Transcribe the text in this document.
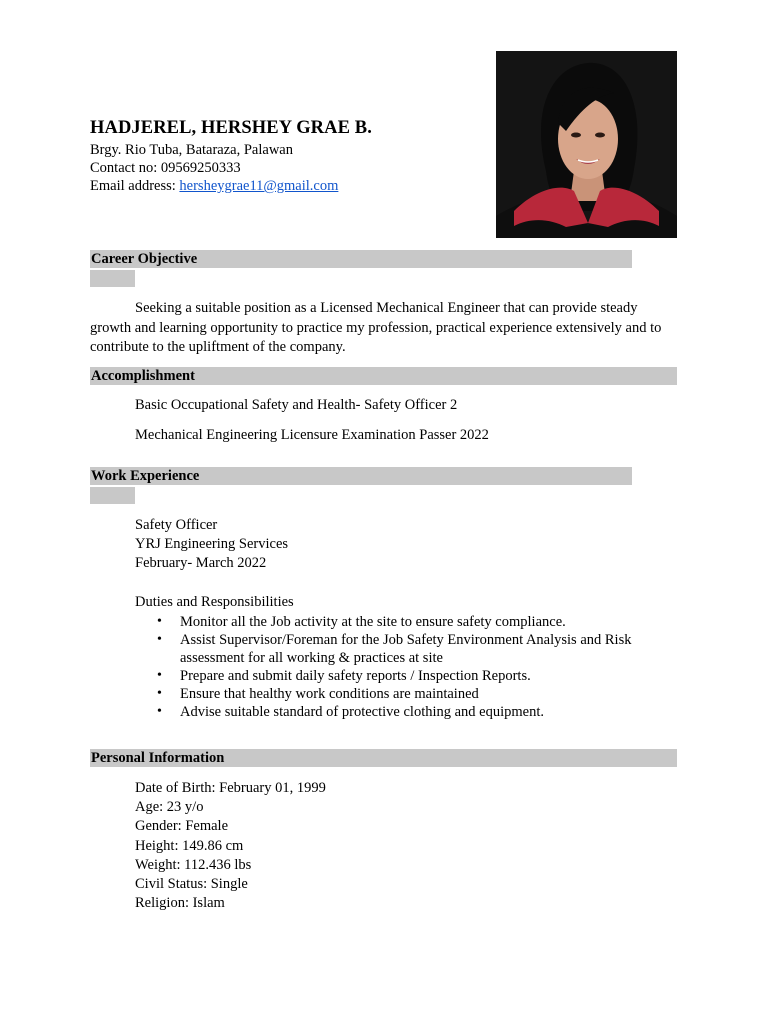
HADJEREL, HERSHEY GRAE B.
Brgy. Rio Tuba, Bataraza, Palawan
Contact no: 09569250333
Email address: hersheygrae11@gmail.com
Career Objective
Seeking a suitable position as a Licensed Mechanical Engineer that can provide steady growth and learning opportunity to practice my profession, practical experience extensively and to contribute to the upliftment of the company.
Accomplishment
Basic Occupational Safety and Health- Safety Officer 2
Mechanical Engineering Licensure Examination Passer 2022
Work Experience
Safety Officer
YRJ Engineering Services
February- March 2022
Duties and Responsibilities
• Monitor all the Job activity at the site to ensure safety compliance.
• Assist Supervisor/Foreman for the Job Safety Environment Analysis and Risk assessment for all working & practices at site
• Prepare and submit daily safety reports / Inspection Reports.
• Ensure that healthy work conditions are maintained
• Advise suitable standard of protective clothing and equipment.
Personal Information
Date of Birth: February 01, 1999
Age: 23 y/o
Gender: Female
Height: 149.86 cm
Weight: 112.436 lbs
Civil Status: Single
Religion: Islam
